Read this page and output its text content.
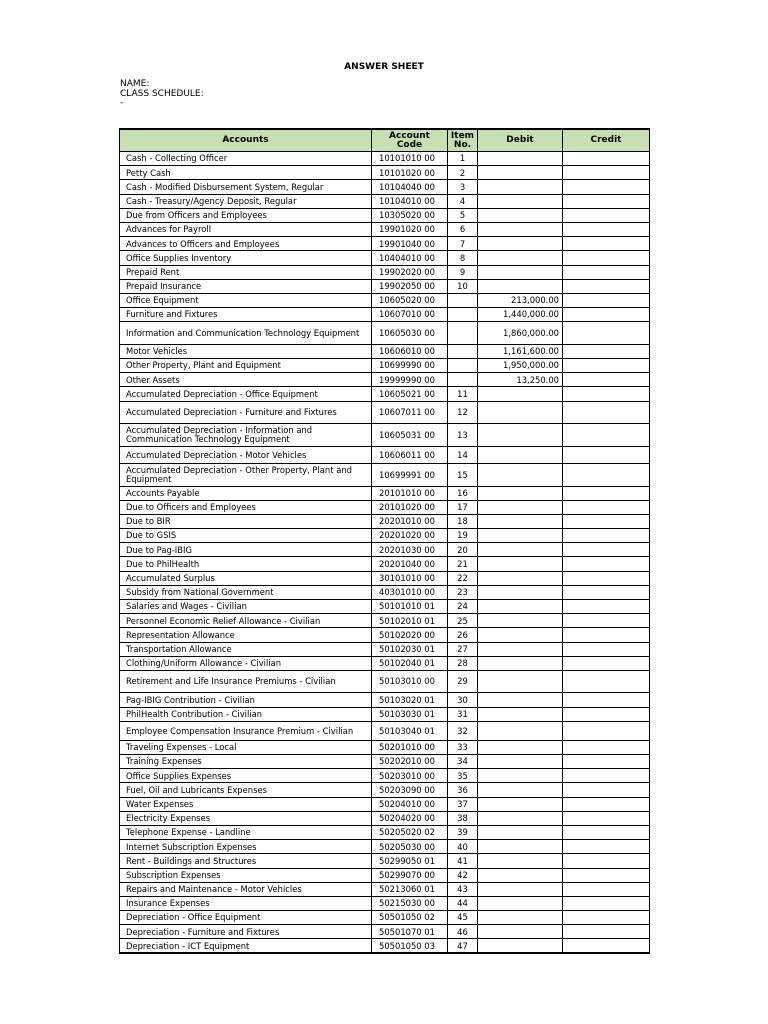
ANSWER SHEET
NAME:
CLASS SCHEDULE:
-
Accounts	Account Code	Item No.	Debit	Credit
Cash - Collecting Officer	10101010 00	1		
Petty Cash	10101020 00	2		
Cash - Modified Disbursement System, Regular	10104040 00	3		
Cash - Treasury/Agency Deposit, Regular	10104010 00	4		
Due from Officers and Employees	10305020 00	5		
Advances for Payroll	19901020 00	6		
Advances to Officers and Employees	19901040 00	7		
Office Supplies Inventory	10404010 00	8		
Prepaid Rent	19902020 00	9		
Prepaid Insurance	19902050 00	10		
Office Equipment	10605020 00		213,000.00	
Furniture and Fixtures	10607010 00		1,440,000.00	
Information and Communication Technology Equipment	10605030 00		1,860,000.00	
Motor Vehicles	10606010 00		1,161,600.00	
Other Property, Plant and Equipment	10699990 00		1,950,000.00	
Other Assets	19999990 00		13,250.00	
Accumulated Depreciation - Office Equipment	10605021 00	11		
Accumulated Depreciation - Furniture and Fixtures	10607011 00	12		
Accumulated Depreciation - Information and Communication Technology Equipment	10605031 00	13		
Accumulated Depreciation - Motor Vehicles	10606011 00	14		
Accumulated Depreciation - Other Property, Plant and Equipment	10699991 00	15		
Accounts Payable	20101010 00	16		
Due to Officers and Employees	20101020 00	17		
Due to BIR	20201010 00	18		
Due to GSIS	20201020 00	19		
Due to Pag-IBIG	20201030 00	20		
Due to PhilHealth	20201040 00	21		
Accumulated Surplus	30101010 00	22		
Subsidy from National Government	40301010 00	23		
Salaries and Wages - Civilian	50101010 01	24		
Personnel Economic Relief Allowance - Civilian	50102010 01	25		
Representation Allowance	50102020 00	26		
Transportation Allowance	50102030 01	27		
Clothing/Uniform Allowance - Civilian	50102040 01	28		
Retirement and Life Insurance Premiums - Civilian	50103010 00	29		
Pag-IBIG Contribution - Civilian	50103020 01	30		
PhilHealth Contribution - Civilian	50103030 01	31		
Employee Compensation Insurance Premium - Civilian	50103040 01	32		
Traveling Expenses - Local	50201010 00	33		
Training Expenses	50202010 00	34		
Office Supplies Expenses	50203010 00	35		
Fuel, Oil and Lubricants Expenses	50203090 00	36		
Water Expenses	50204010 00	37		
Electricity Expenses	50204020 00	38		
Telephone Expense - Landline	50205020 02	39		
Internet Subscription Expenses	50205030 00	40		
Rent - Buildings and Structures	50299050 01	41		
Subscription Expenses	50299070 00	42		
Repairs and Maintenance - Motor Vehicles	50213060 01	43		
Insurance Expenses	50215030 00	44		
Depreciation - Office Equipment	50501050 02	45		
Depreciation - Furniture and Fixtures	50501070 01	46		
Depreciation - ICT Equipment	50501050 03	47		
